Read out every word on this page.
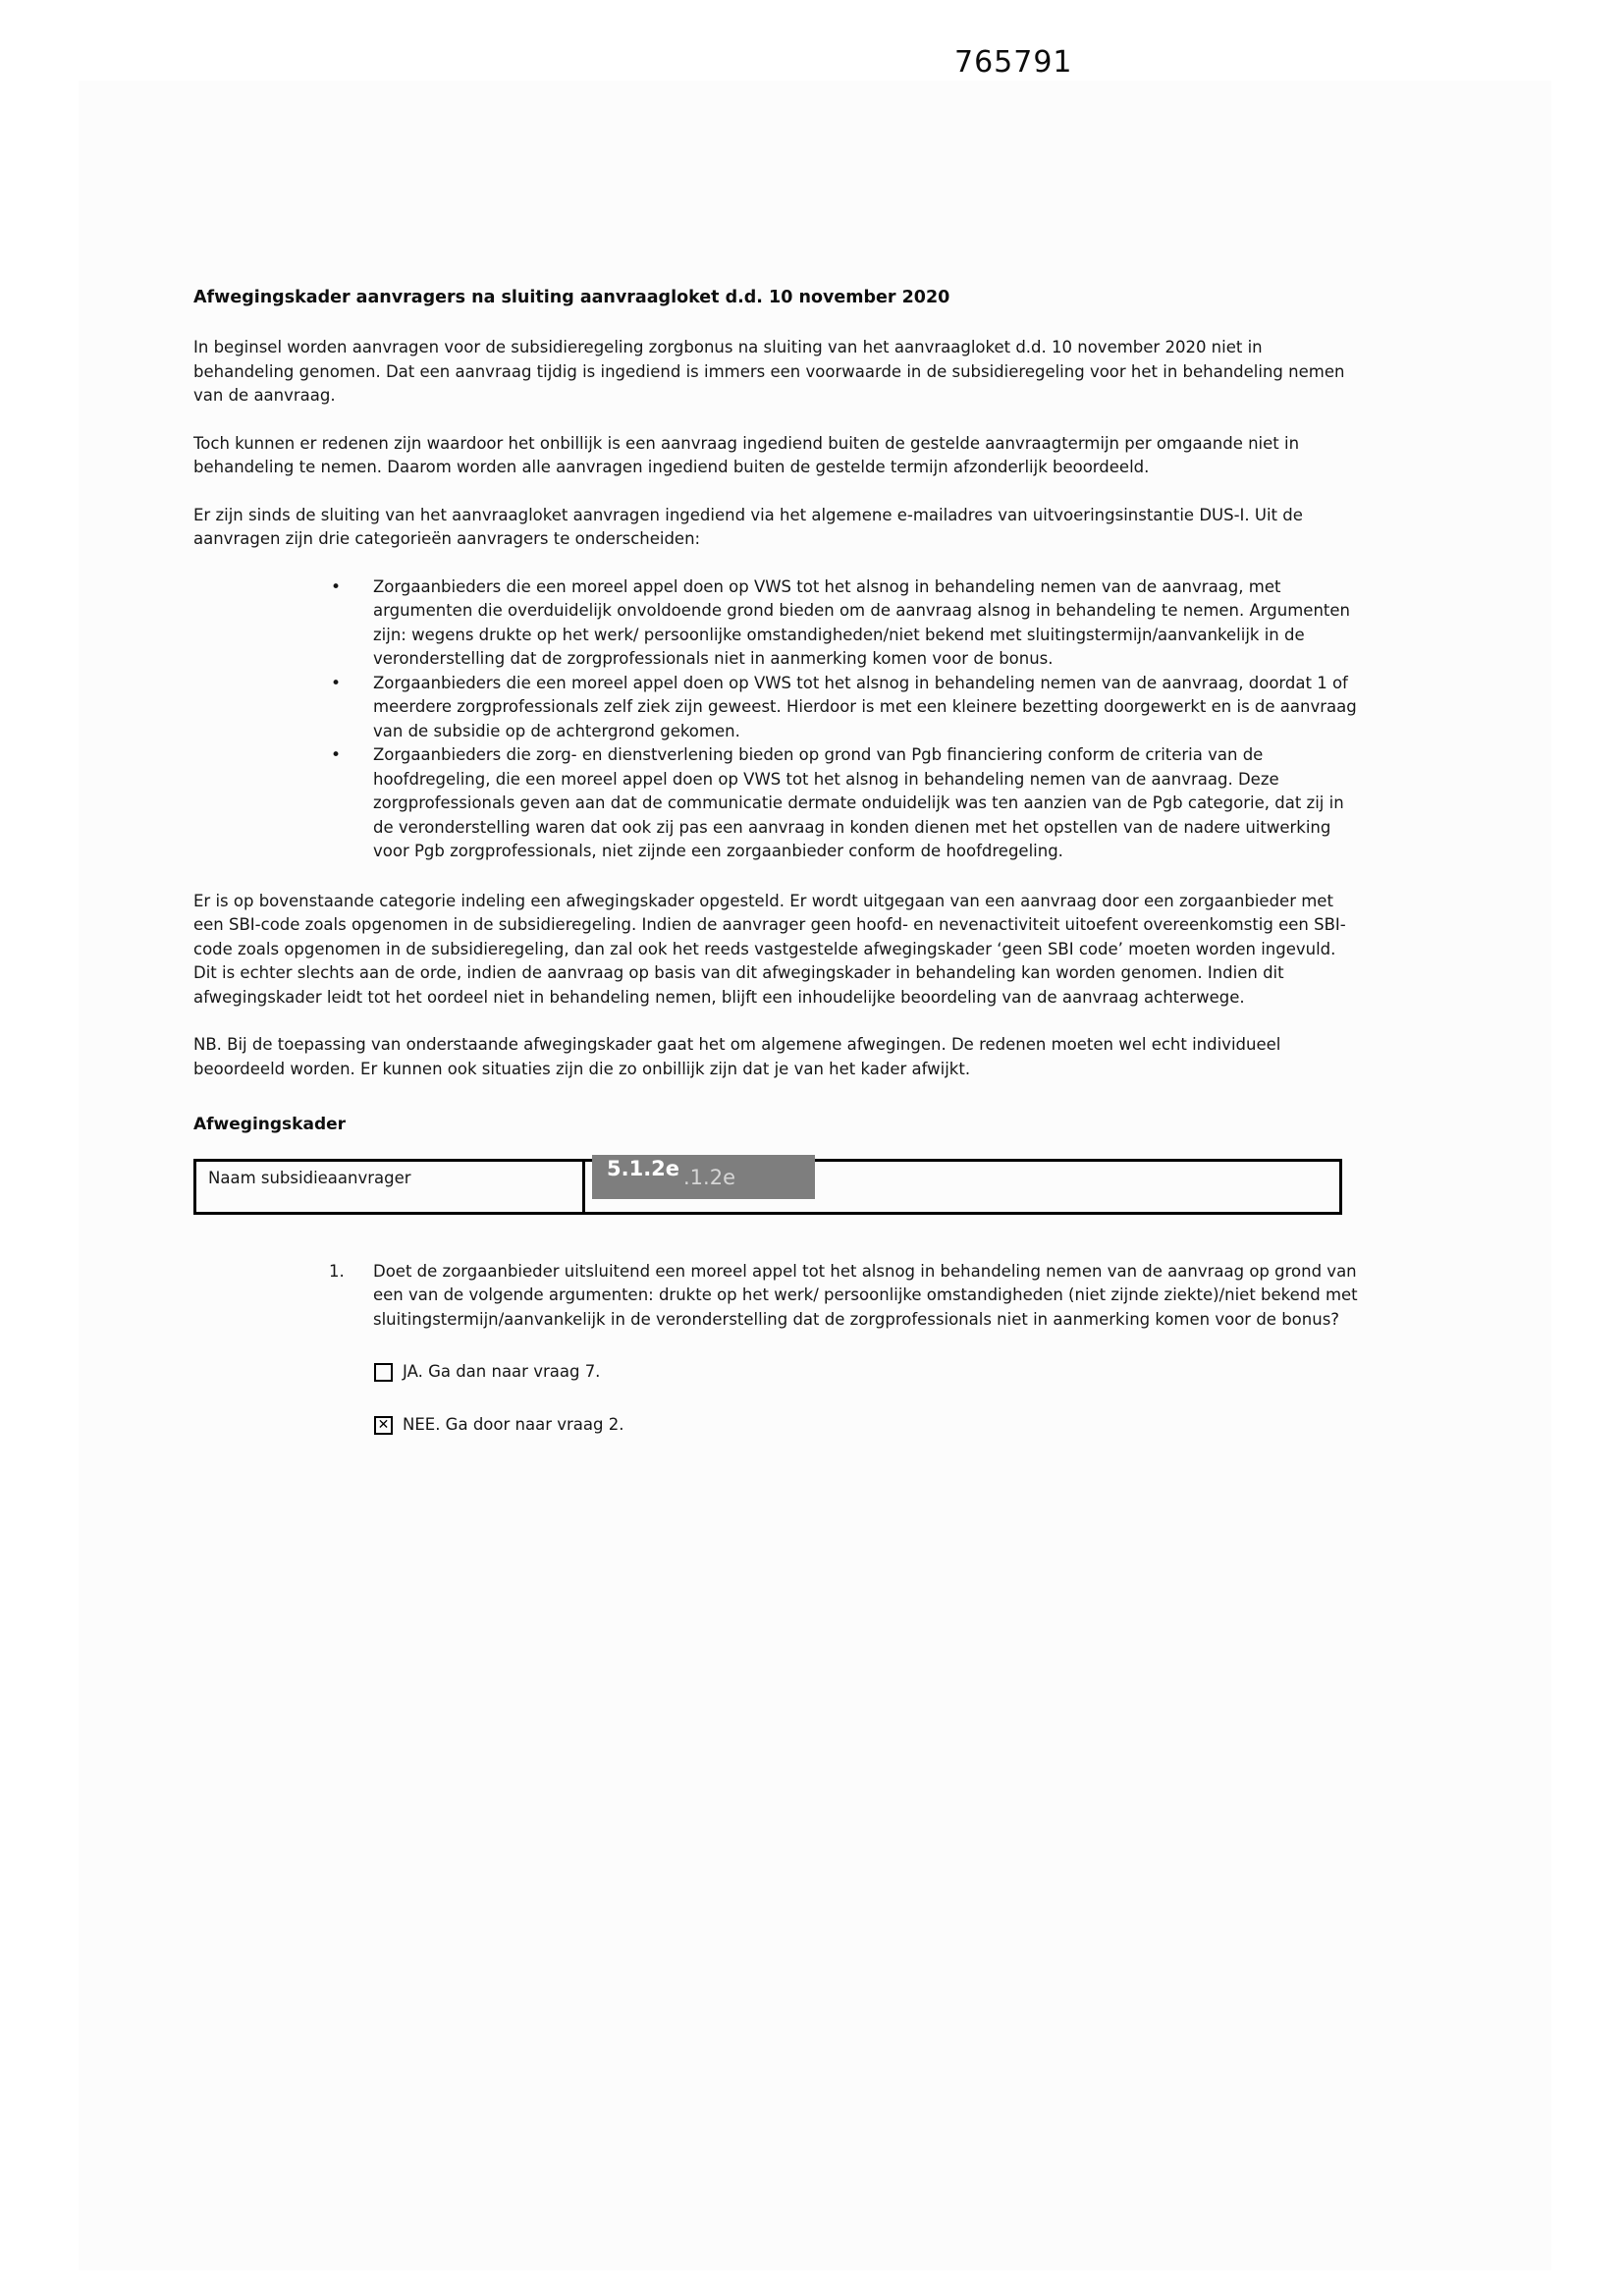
765791
Afwegingskader aanvragers na sluiting aanvraagloket d.d. 10 november 2020

In beginsel worden aanvragen voor de subsidieregeling zorgbonus na sluiting van het aanvraagloket d.d. 10 november 2020 niet in behandeling genomen. Dat een aanvraag tijdig is ingediend is immers een voorwaarde in de subsidieregeling voor het in behandeling nemen van de aanvraag.

Toch kunnen er redenen zijn waardoor het onbillijk is een aanvraag ingediend buiten de gestelde aanvraagtermijn per omgaande niet in behandeling te nemen. Daarom worden alle aanvragen ingediend buiten de gestelde termijn afzonderlijk beoordeeld.

Er zijn sinds de sluiting van het aanvraagloket aanvragen ingediend via het algemene e-mailadres van uitvoeringsinstantie DUS-I. Uit de aanvragen zijn drie categorieën aanvragers te onderscheiden:

• Zorgaanbieders die een moreel appel doen op VWS tot het alsnog in behandeling nemen van de aanvraag, met argumenten die overduidelijk onvoldoende grond bieden om de aanvraag alsnog in behandeling te nemen. Argumenten zijn: wegens drukte op het werk/ persoonlijke omstandigheden/niet bekend met sluitingstermijn/aanvankelijk in de veronderstelling dat de zorgprofessionals niet in aanmerking komen voor de bonus.
• Zorgaanbieders die een moreel appel doen op VWS tot het alsnog in behandeling nemen van de aanvraag, doordat 1 of meerdere zorgprofessionals zelf ziek zijn geweest. Hierdoor is met een kleinere bezetting doorgewerkt en is de aanvraag van de subsidie op de achtergrond gekomen.
• Zorgaanbieders die zorg- en dienstverlening bieden op grond van Pgb financiering conform de criteria van de hoofdregeling, die een moreel appel doen op VWS tot het alsnog in behandeling nemen van de aanvraag. Deze zorgprofessionals geven aan dat de communicatie dermate onduidelijk was ten aanzien van de Pgb categorie, dat zij in de veronderstelling waren dat ook zij pas een aanvraag in konden dienen met het opstellen van de nadere uitwerking voor Pgb zorgprofessionals, niet zijnde een zorgaanbieder conform de hoofdregeling.

Er is op bovenstaande categorie indeling een afwegingskader opgesteld. Er wordt uitgegaan van een aanvraag door een zorgaanbieder met een SBI-code zoals opgenomen in de subsidieregeling. Indien de aanvrager geen hoofd- en nevenactiviteit uitoefent overeenkomstig een SBI-code zoals opgenomen in de subsidieregeling, dan zal ook het reeds vastgestelde afwegingskader ‘geen SBI code’ moeten worden ingevuld. Dit is echter slechts aan de orde, indien de aanvraag op basis van dit afwegingskader in behandeling kan worden genomen. Indien dit afwegingskader leidt tot het oordeel niet in behandeling nemen, blijft een inhoudelijke beoordeling van de aanvraag achterwege.

NB. Bij de toepassing van onderstaande afwegingskader gaat het om algemene afwegingen. De redenen moeten wel echt individueel beoordeeld worden. Er kunnen ook situaties zijn die zo onbillijk zijn dat je van het kader afwijkt.

Afwegingskader
Naam subsidieaanvrager	5.1.2e .1.2e
1. Doet de zorgaanbieder uitsluitend een moreel appel tot het alsnog in behandeling nemen van de aanvraag op grond van een van de volgende argumenten: drukte op het werk/ persoonlijke omstandigheden (niet zijnde ziekte)/niet bekend met sluitingstermijn/aanvankelijk in de veronderstelling dat de zorgprofessionals niet in aanmerking komen voor de bonus?

JA. Ga dan naar vraag 7.
✕
NEE. Ga door naar vraag 2.
